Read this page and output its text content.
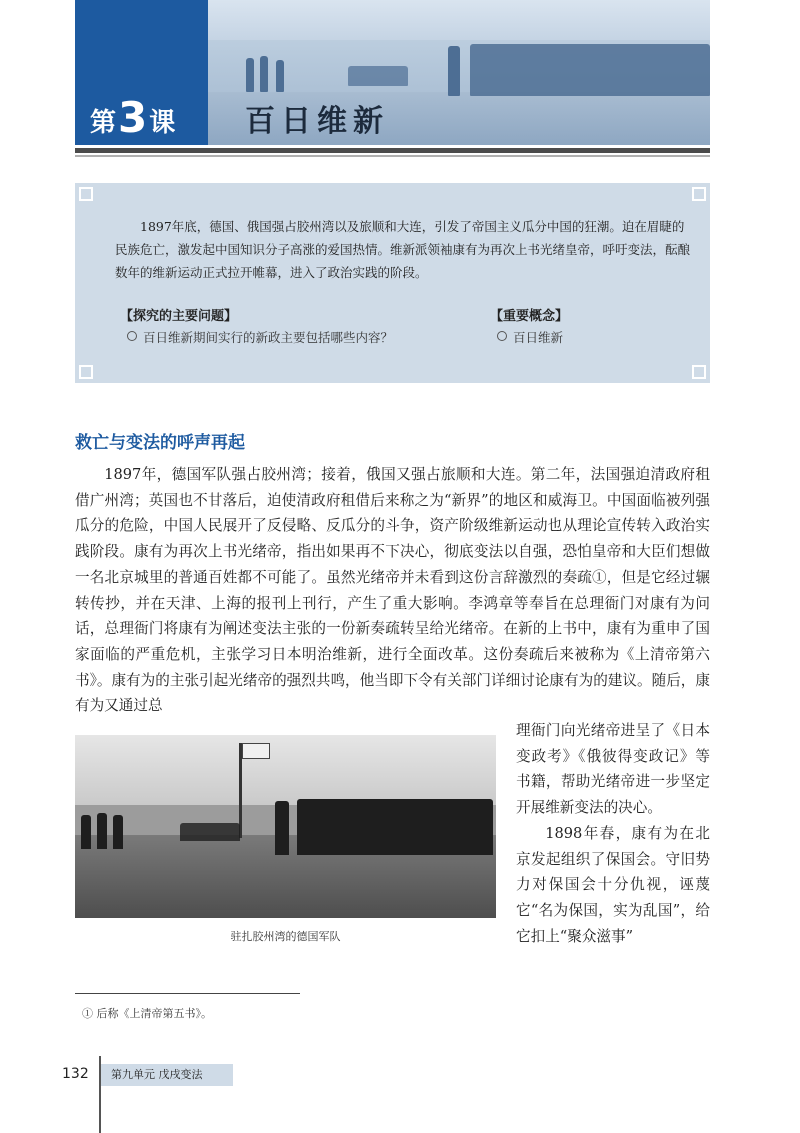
第 3 课 百日维新
1897年底，德国、俄国强占胶州湾以及旅顺和大连，引发了帝国主义瓜分中国的狂潮。迫在眉睫的民族危亡，激发起中国知识分子高涨的爱国热情。维新派领袖康有为再次上书光绪皇帝，呼吁变法，酝酿数年的维新运动正式拉开帷幕，进入了政治实践的阶段。
【探究的主要问题】
百日维新期间实行的新政主要包括哪些内容？
【重要概念】
百日维新
救亡与变法的呼声再起
1897年，德国军队强占胶州湾；接着，俄国又强占旅顺和大连。第二年，法国强迫清政府租借广州湾；英国也不甘落后，迫使清政府租借后来称之为“新界”的地区和威海卫。中国面临被列强瓜分的危险，中国人民展开了反侵略、反瓜分的斗争，资产阶级维新运动也从理论宣传转入政治实践阶段。康有为再次上书光绪帝，指出如果再不下决心，彻底变法以自强，恐怕皇帝和大臣们想做一名北京城里的普通百姓都不可能了。虽然光绪帝并未看到这份言辞激烈的奏疏①，但是它经过辗转传抄，并在天津、上海的报刊上刊行，产生了重大影响。李鸿章等奉旨在总理衙门对康有为问话，总理衙门将康有为阐述变法主张的一份新奏疏转呈给光绪帝。在新的上书中，康有为重申了国家面临的严重危机，主张学习日本明治维新，进行全面改革。这份奏疏后来被称为《上清帝第六书》。康有为的主张引起光绪帝的强烈共鸣，他当即下令有关部门详细讨论康有为的建议。随后，康有为又通过总
驻扎胶州湾的德国军队

理衙门向光绪帝进呈了《日本变政考》《俄彼得变政记》等书籍，帮助光绪帝进一步坚定开展维新变法的决心。

1898年春，康有为在北京发起组织了保国会。守旧势力对保国会十分仇视，诬蔑它“名为保国，实为乱国”，给它扣上“聚众滋事”

① 后称《上清帝第五书》。
132	第九单元 戊戌变法
